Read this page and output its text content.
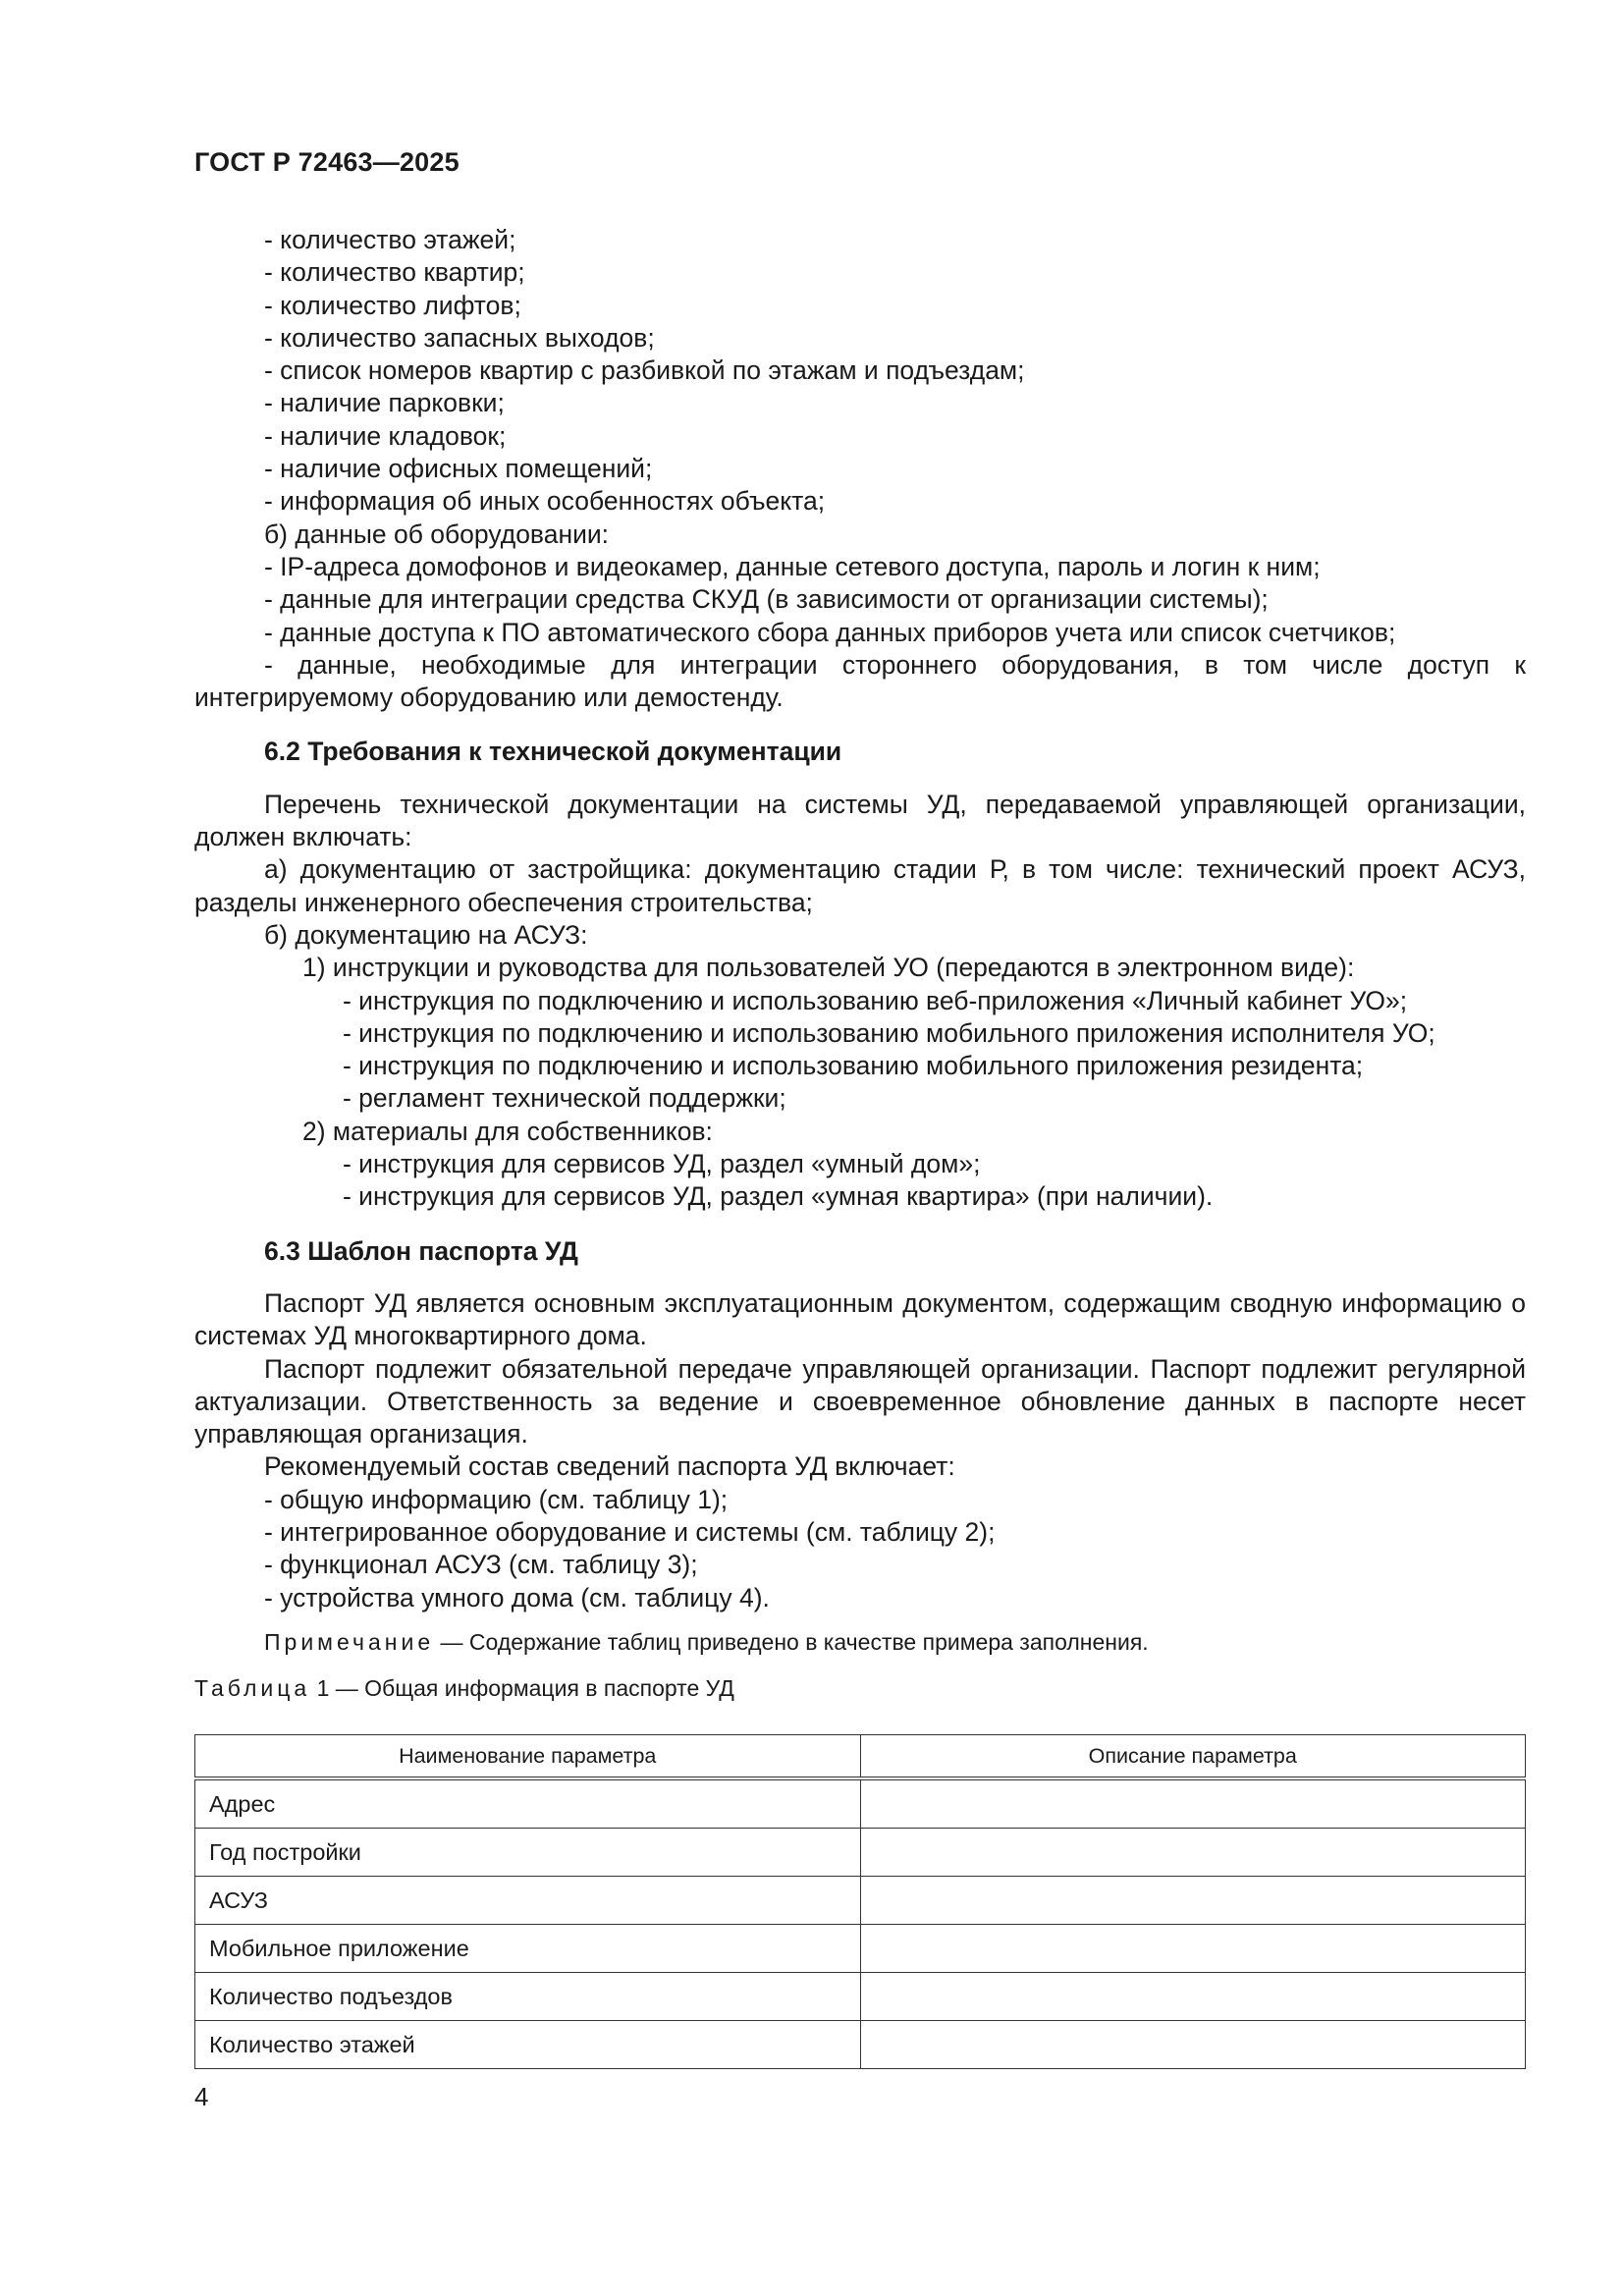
ГОСТ Р 72463—2025
- количество этажей;
- количество квартир;
- количество лифтов;
- количество запасных выходов;
- список номеров квартир с разбивкой по этажам и подъездам;
- наличие парковки;
- наличие кладовок;
- наличие офисных помещений;
- информация об иных особенностях объекта;
б) данные об оборудовании:
- IP-адреса домофонов и видеокамер, данные сетевого доступа, пароль и логин к ним;
- данные для интеграции средства СКУД (в зависимости от организации системы);
- данные доступа к ПО автоматического сбора данных приборов учета или список счетчиков;
- данные, необходимые для интеграции стороннего оборудования, в том числе доступ к интегрируемому оборудованию или демостенду.
6.2 Требования к технической документации
Перечень технической документации на системы УД, передаваемой управляющей организации, должен включать:
а) документацию от застройщика: документацию стадии Р, в том числе: технический проект АСУЗ, разделы инженерного обеспечения строительства;
б) документацию на АСУЗ:
1) инструкции и руководства для пользователей УО (передаются в электронном виде):
- инструкция по подключению и использованию веб-приложения «Личный кабинет УО»;
- инструкция по подключению и использованию мобильного приложения исполнителя УО;
- инструкция по подключению и использованию мобильного приложения резидента;
- регламент технической поддержки;
2) материалы для собственников:
- инструкция для сервисов УД, раздел «умный дом»;
- инструкция для сервисов УД, раздел «умная квартира» (при наличии).
6.3 Шаблон паспорта УД
Паспорт УД является основным эксплуатационным документом, содержащим сводную информацию о системах УД многоквартирного дома.
Паспорт подлежит обязательной передаче управляющей организации. Паспорт подлежит регулярной актуализации. Ответственность за ведение и своевременное обновление данных в паспорте несет управляющая организация.
Рекомендуемый состав сведений паспорта УД включает:
- общую информацию (см. таблицу 1);
- интегрированное оборудование и системы (см. таблицу 2);
- функционал АСУЗ (см. таблицу 3);
- устройства умного дома (см. таблицу 4).
Примечание — Содержание таблиц приведено в качестве примера заполнения.
Таблица 1 — Общая информация в паспорте УД
Наименование параметра	Описание параметра
Адрес	
Год постройки	
АСУЗ	
Мобильное приложение	
Количество подъездов	
Количество этажей	
4
